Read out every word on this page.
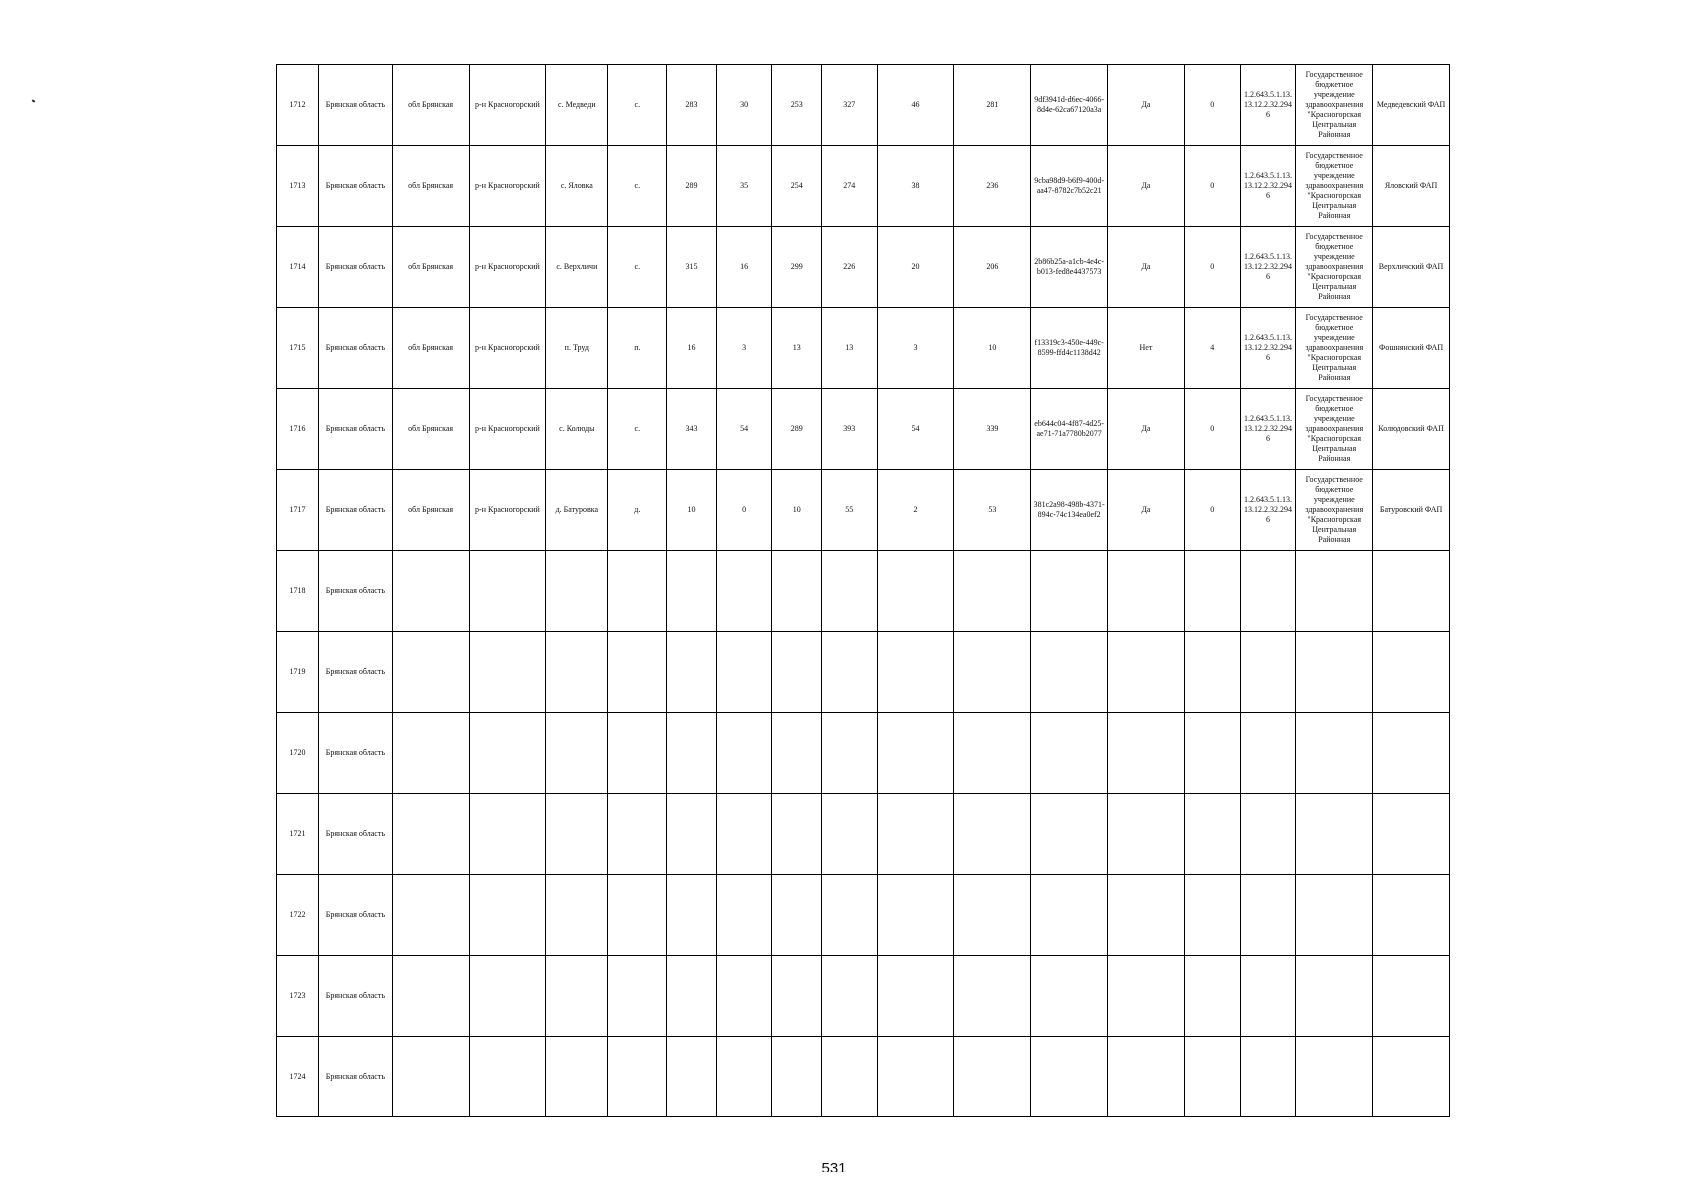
1712	Брянская область	обл Брянская	р-н Красногорский	с. Медведи	с.	283	30	253	327	46	281	9df3941d-d6ec-4066-8d4e-62ca67120a3a	Да	0	1.2.643.5.1.13.13.12.2.32.2946	Государственное бюджетное учреждение здравоохранения "Красногорская Центральная Районная	Медведевский ФАП
1713	Брянская область	обл Брянская	р-н Красногорский	с. Яловка	с.	289	35	254	274	38	236	9cba98d9-b6f9-400d-aa47-8782c7b52c21	Да	0	1.2.643.5.1.13.13.12.2.32.2946	Государственное бюджетное учреждение здравоохранения "Красногорская Центральная Районная	Яловский ФАП
1714	Брянская область	обл Брянская	р-н Красногорский	с. Верхличи	с.	315	16	299	226	20	206	2b86b25a-a1cb-4e4c-b013-fed8e4437573	Да	0	1.2.643.5.1.13.13.12.2.32.2946	Государственное бюджетное учреждение здравоохранения "Красногорская Центральная Районная	Верхличский ФАП
1715	Брянская область	обл Брянская	р-н Красногорский	п. Труд	п.	16	3	13	13	3	10	f13319c3-450e-449c-8599-ffd4c1138d42	Нет	4	1.2.643.5.1.13.13.12.2.32.2946	Государственное бюджетное учреждение здравоохранения "Красногорская Центральная Районная	Фошнянский ФАП
1716	Брянская область	обл Брянская	р-н Красногорский	с. Колюды	с.	343	54	289	393	54	339	eb644c04-4f87-4d25-ae71-71a7780b2077	Да	0	1.2.643.5.1.13.13.12.2.32.2946	Государственное бюджетное учреждение здравоохранения "Красногорская Центральная Районная	Колюдовский ФАП
1717	Брянская область	обл Брянская	р-н Красногорский	д. Батуровка	д.	10	0	10	55	2	53	381c2a98-498b-4371-894c-74c134ea0ef2	Да	0	1.2.643.5.1.13.13.12.2.32.2946	Государственное бюджетное учреждение здравоохранения "Красногорская Центральная Районная	Батуровский ФАП
1718	Брянская область															

1719	Брянская область															

1720	Брянская область															

1721	Брянская область															

1722	Брянская область															

1723	Брянская область															

1724	Брянская область															

531
